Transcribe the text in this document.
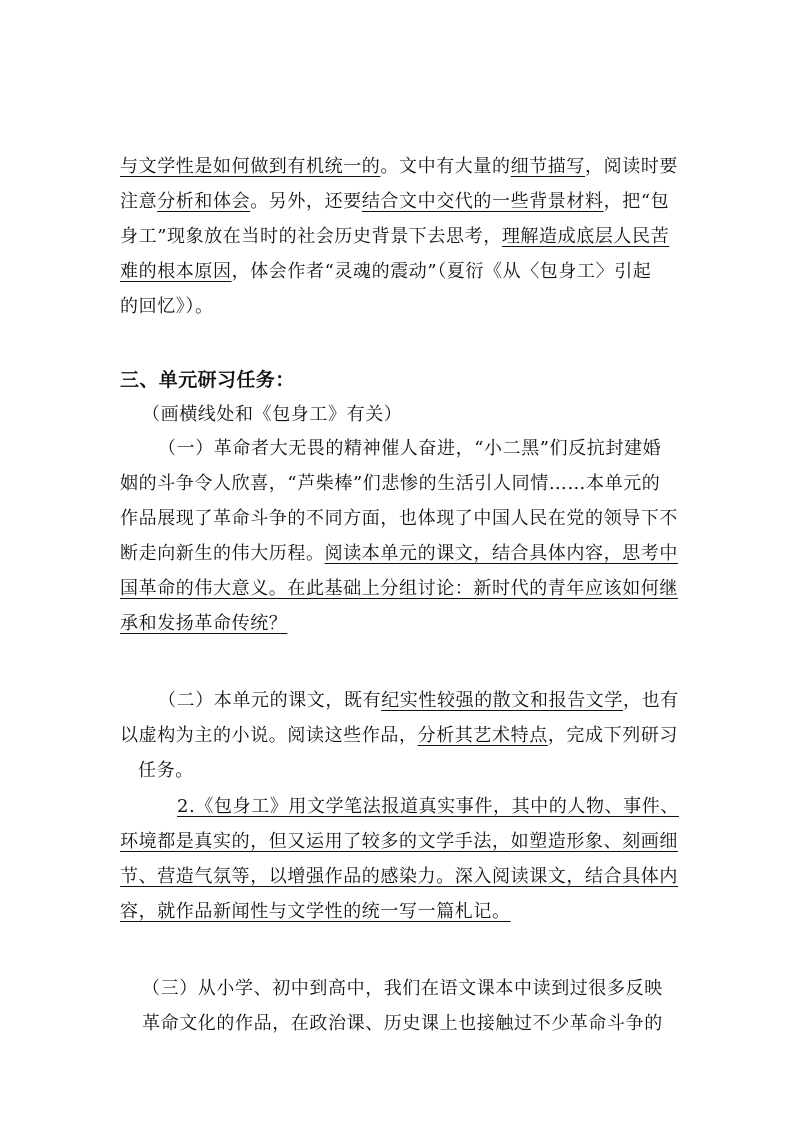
与文学性是如何做到有机统一的。文中有大量的细节描写，阅读时要
注意分析和体会。另外，还要结合文中交代的一些背景材料，把“包
身工”现象放在当时的社会历史背景下去思考，理解造成底层人民苦
难的根本原因，体会作者“灵魂的震动”（夏衍《从〈包身工〉引起
的回忆》）。
三、单元研习任务：
（画横线处和《包身工》有关）
（一）革命者大无畏的精神催人奋进，“小二黑”们反抗封建婚
姻的斗争令人欣喜，“芦柴棒”们悲惨的生活引人同情……本单元的
作品展现了革命斗争的不同方面，也体现了中国人民在党的领导下不
断走向新生的伟大历程。阅读本单元的课文，结合具体内容，思考中
国革命的伟大意义。在此基础上分组讨论：新时代的青年应该如何继
承和发扬革命传统？
（二）本单元的课文，既有纪实性较强的散文和报告文学，也有
以虚构为主的小说。阅读这些作品，分析其艺术特点，完成下列研习
任务。
2.《包身工》用文学笔法报道真实事件，其中的人物、事件、
环境都是真实的，但又运用了较多的文学手法，如塑造形象、刻画细
节、营造气氛等，以增强作品的感染力。深入阅读课文，结合具体内
容，就作品新闻性与文学性的统一写一篇札记。
（三）从小学、初中到高中，我们在语文课本中读到过很多反映
革命文化的作品，在政治课、历史课上也接触过不少革命斗争的
